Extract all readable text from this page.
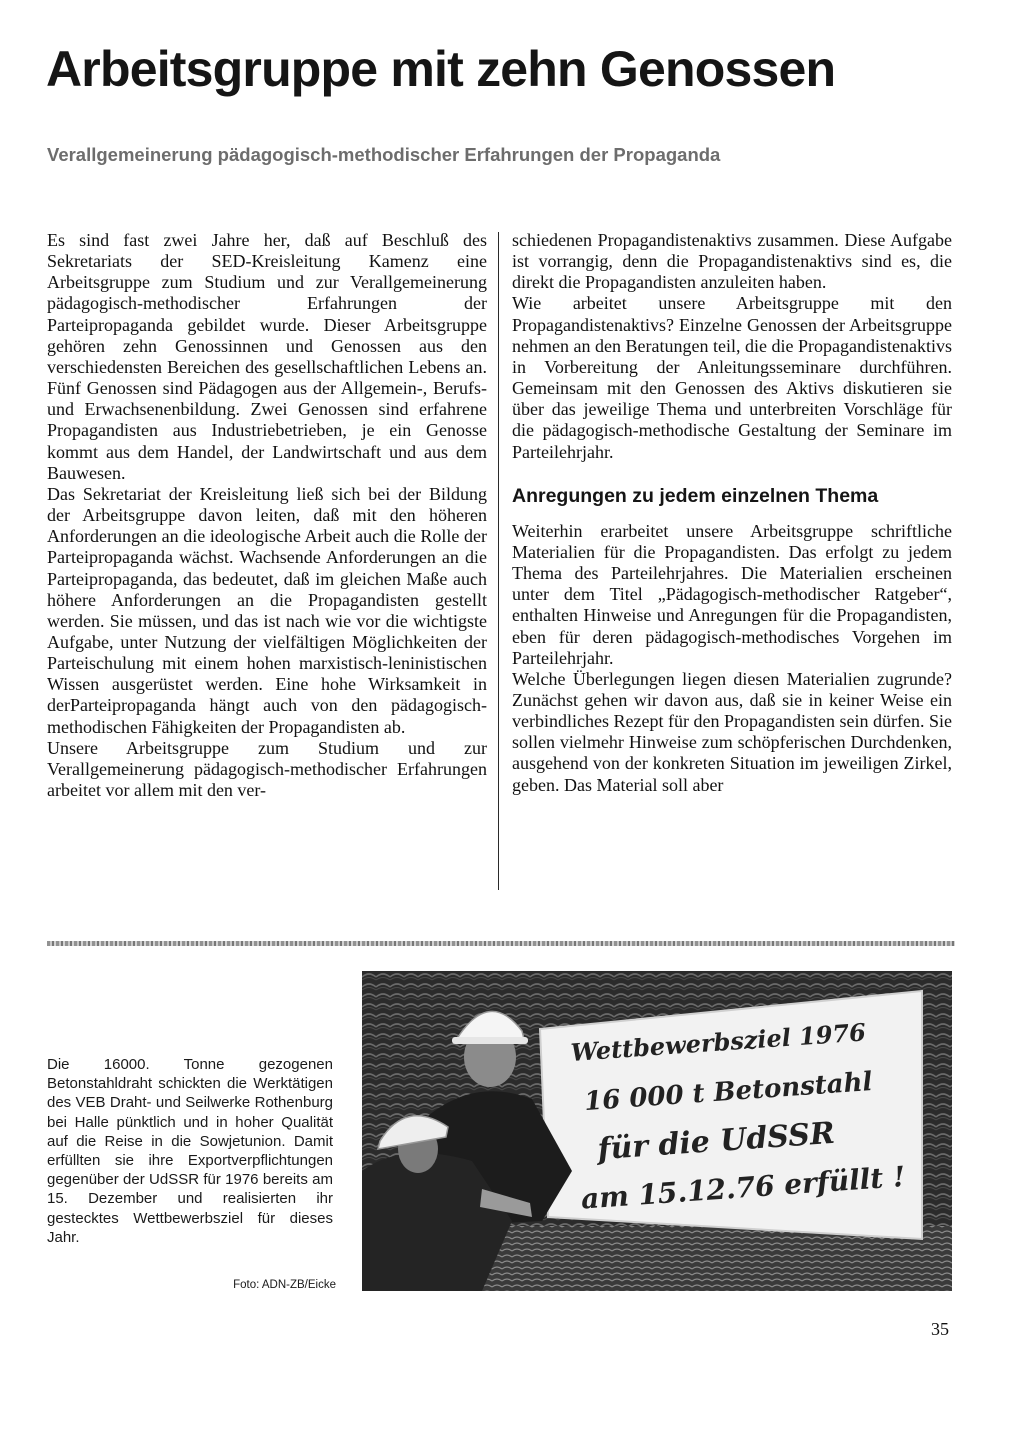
Arbeitsgruppe mit zehn Genossen
Verallgemeinerung pädagogisch-methodischer Erfahrungen der Propaganda

Es sind fast zwei Jahre her, daß auf Beschluß des Sekretariats der SED-Kreisleitung Kamenz eine Arbeitsgruppe zum Studium und zur Verallgemeinerung pädagogisch-methodischer Erfahrungen der Parteipropaganda gebildet wurde. Dieser Arbeitsgruppe gehören zehn Genossinnen und Genossen aus den verschiedensten Bereichen des gesellschaftlichen Lebens an. Fünf Genossen sind Pädagogen aus der Allgemein-, Berufs- und Erwachsenenbildung. Zwei Genossen sind erfahrene Propagandisten aus Industriebetrieben, je ein Genosse kommt aus dem Handel, der Landwirtschaft und aus dem Bauwesen.

Das Sekretariat der Kreisleitung ließ sich bei der Bildung der Arbeitsgruppe davon leiten, daß mit den höheren Anforderungen an die ideologische Arbeit auch die Rolle der Parteipropaganda wächst. Wachsende Anforderungen an die Parteipropaganda, das bedeutet, daß im gleichen Maße auch höhere Anforderungen an die Propagandisten gestellt werden. Sie müssen, und das ist nach wie vor die wichtigste Aufgabe, unter Nutzung der vielfältigen Möglichkeiten der Parteischulung mit einem hohen marxistisch-leninistischen Wissen ausgerüstet werden. Eine hohe Wirksamkeit in derParteipropaganda hängt auch von den pädagogisch-methodischen Fähigkeiten der Propagandisten ab.

Unsere Arbeitsgruppe zum Studium und zur Verallgemeinerung pädagogisch-methodischer Erfahrungen arbeitet vor allem mit den ver-

schiedenen Propagandistenaktivs zusammen. Diese Aufgabe ist vorrangig, denn die Propagandistenaktivs sind es, die direkt die Propagandisten anzuleiten haben.

Wie arbeitet unsere Arbeitsgruppe mit den Propagandistenaktivs? Einzelne Genossen der Arbeitsgruppe nehmen an den Beratungen teil, die die Propagandistenaktivs in Vorbereitung der Anleitungsseminare durchführen. Gemeinsam mit den Genossen des Aktivs diskutieren sie über das jeweilige Thema und unterbreiten Vorschläge für die pädagogisch-methodische Gestaltung der Seminare im Parteilehrjahr.

Anregungen zu jedem einzelnen Thema

Weiterhin erarbeitet unsere Arbeitsgruppe schriftliche Materialien für die Propagandisten. Das erfolgt zu jedem Thema des Parteilehrjahres. Die Materialien erscheinen unter dem Titel „Pädagogisch-methodischer Ratgeber“, enthalten Hinweise und Anregungen für die Propagandisten, eben für deren pädagogisch-methodisches Vorgehen im Parteilehrjahr.

Welche Überlegungen liegen diesen Materialien zugrunde? Zunächst gehen wir davon aus, daß sie in keiner Weise ein verbindliches Rezept für den Propagandisten sein dürfen. Sie sollen vielmehr Hinweise zum schöpferischen Durchdenken, ausgehend von der konkreten Situation im jeweiligen Zirkel, geben. Das Material soll aber

Die 16000. Tonne gezogenen Betonstahldraht schickten die Werktätigen des VEB Draht- und Seilwerke Rothenburg bei Halle pünktlich und in hoher Qualität auf die Reise in die Sowjetunion. Damit erfüllten sie ihre Exportverpflichtungen gegenüber der UdSSR für 1976 bereits am 15. Dezember und realisierten ihr gestecktes Wettbewerbsziel für dieses Jahr.
Foto: ADN-ZB/Eicke
Wettbewerbsziel 1976
16 000 t Betonstahl
für die UdSSR
am 15.12.76 erfüllt !
35
